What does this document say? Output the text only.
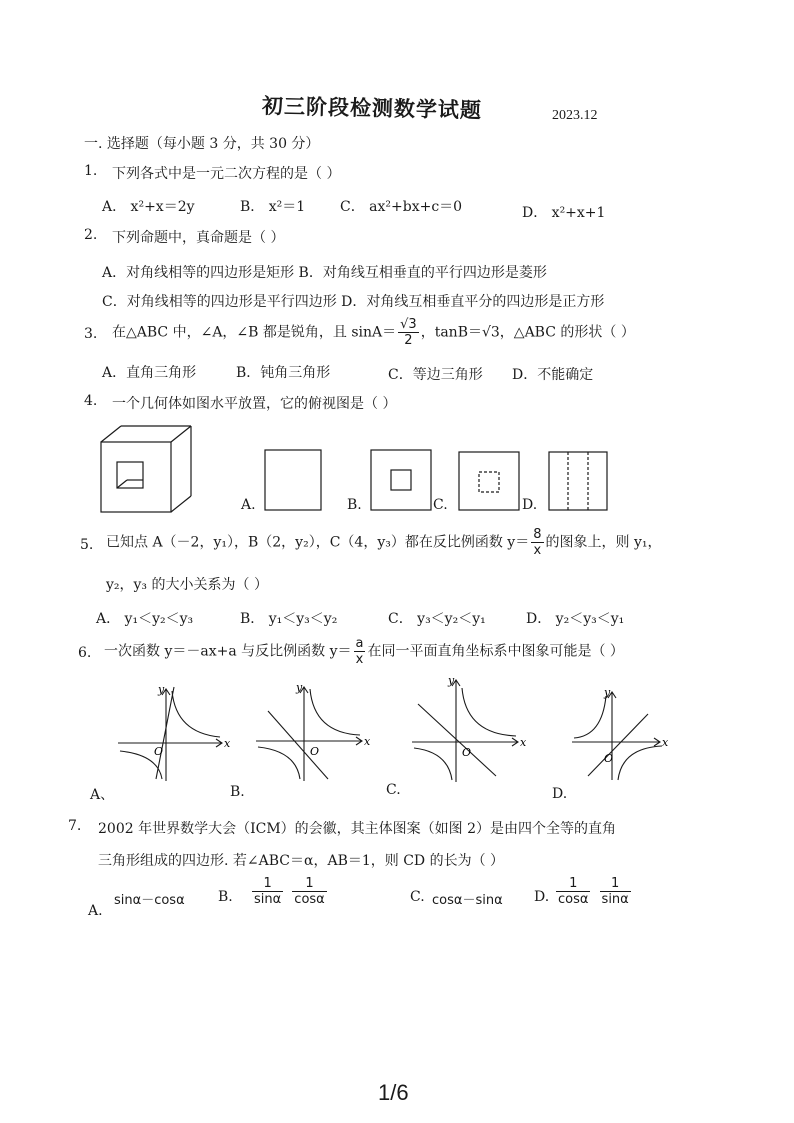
初三阶段检测数学试题	2023.12
一. 选择题（每小题 3 分，共 30 分）
1. 下列各式中是一元二次方程的是（ ）
A． x²+x＝2y	B． x²＝1 C． ax²+bx+c＝0	D． x²+x+1
2. 下列命题中，真命题是（ ）
A．对角线相等的四边形是矩形 B．对角线互相垂直的平行四边形是菱形
C．对角线相等的四边形是平行四边形 D．对角线互相垂直平分的四边形是正方形
3. 在△ABC 中，∠A，∠B 都是锐角，且 $\sin A= \frac{√3}{2}$ ，tanB＝√3，△ABC 的形状（ ）
A．直角三角形	B．钝角三角形	C．等边三角形 D．不能确定
4. 一个几何体如图水平放置，它的俯视图是（ ）
A.	B.	C.	D.
5. 已知点 A（－2，y₁），B（2，y₂），C（4，y₃）都在反比例函数 $y= \frac{8}{x}$ 的图象上，则 y₁，
y₂，y₃ 的大小关系为（ ）
A． y₁＜y₂＜y₃	B． y₁＜y₃＜y₂	C． y₃＜y₂＜y₁	D． y₂＜y₃＜y₁
6. 一次函数 y＝－ax+a 与反比例函数 $y= \frac{a}{x}$ 在同一平面直角坐标系中图象可能是（ ）
y
x
O
y
x
O
y
x
O
y
x
O
A、	B.	C.	D.
7. 2002 年世界数学大会（ICM）的会徽，其主体图案（如图 2）是由四个全等的直角
三角形组成的四边形. 若∠ABC＝α，AB＝1，则 CD 的长为（ ）
A.
sinα－cosα B. $\frac{1}{\sin\alpha}$
$\frac{1}{\cos\alpha}$	C. cosα－sinα D. $\frac{1}{\cos\alpha}$
$\frac{1}{\sin\alpha}$
1/6
